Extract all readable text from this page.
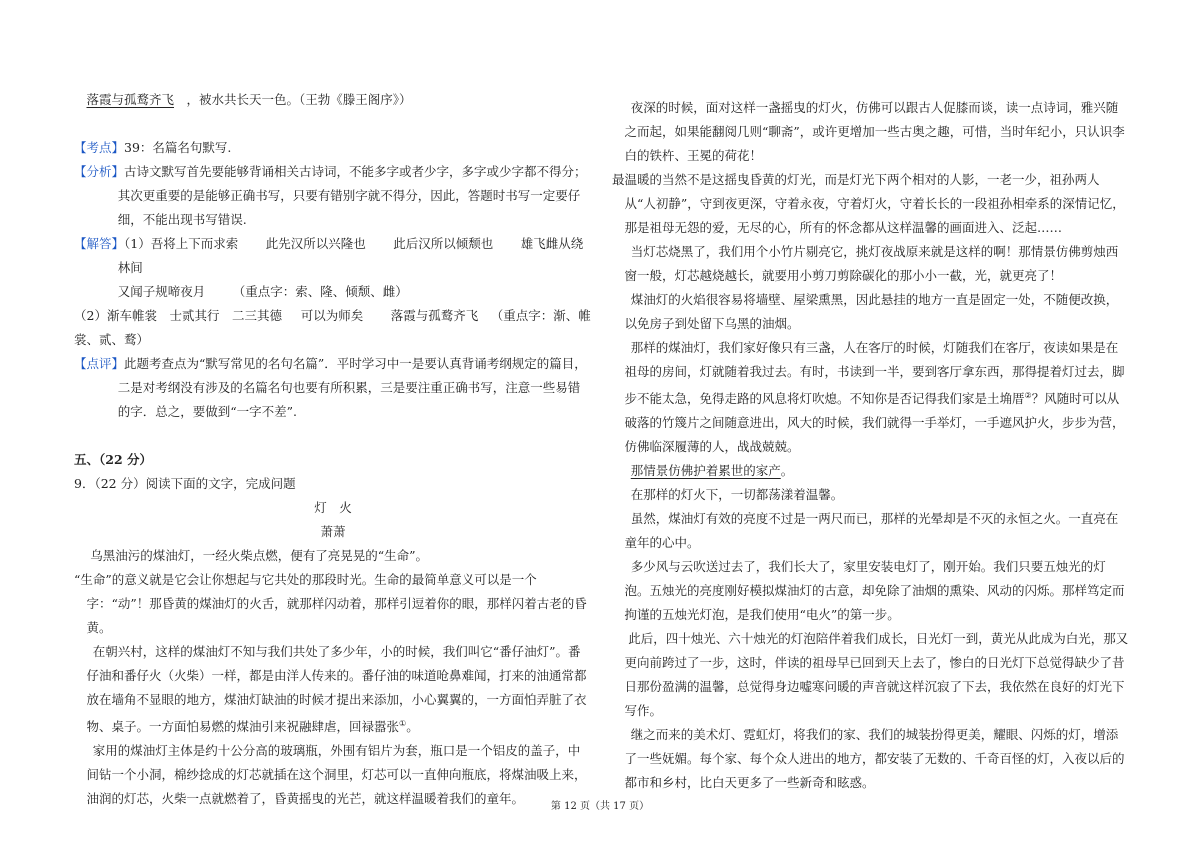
落霞与孤鹜齐飞 ，被水共长天一色。（王勃《滕王阁序》）

【考点】39：名篇名句默写.

【分析】古诗文默写首先要能够背诵相关古诗词，不能多字或者少字，多字或少字都不得分；其次更重要的是能够正确书写，只要有错别字就不得分，因此，答题时书写一定要仔细，不能出现书写错误.

【解答】（1）吾将上下而求索 此先汉所以兴隆也 此后汉所以倾颓也 雄飞雌从绕林间
又闻子规啼夜月 （重点字：索、隆、倾颓、雌）

（2）渐车帷裳 士贰其行 二三其德 可以为师矣 落霞与孤鹜齐飞 （重点字：渐、帷裳、贰、鹜）

【点评】此题考查点为“默写常见的名句名篇”．平时学习中一是要认真背诵考纲规定的篇目，二是对考纲没有涉及的名篇名句也要有所积累，三是要注重正确书写，注意一些易错的字．总之，要做到“一字不差”.

五、（22 分）

9．（22 分）阅读下面的文字，完成问题

灯　火

萧萧

乌黑油污的煤油灯，一经火柴点燃，便有了亮晃晃的“生命”。

“生命”的意义就是它会让你想起与它共处的那段时光。生命的最简单意义可以是一个字：“动”！那昏黄的煤油灯的火舌，就那样闪动着，那样引逗着你的眼，那样闪着古老的昏黄。

在朝兴村，这样的煤油灯不知与我们共处了多少年，小的时候，我们叫它“番仔油灯”。番仔油和番仔火（火柴）一样，都是由洋人传来的。番仔油的味道呛鼻难闻，打来的油通常都放在墙角不显眼的地方，煤油灯缺油的时候才提出来添加，小心翼翼的，一方面怕弄脏了衣物、桌子。一方面怕易燃的煤油引来祝融肆虐，回禄嚣张①。

家用的煤油灯主体是约十公分高的玻璃瓶，外围有铝片为套，瓶口是一个铝皮的盖子，中间钻一个小洞，棉纱捻成的灯芯就插在这个洞里，灯芯可以一直伸向瓶底，将煤油吸上来，油润的灯芯，火柴一点就燃着了，昏黄摇曳的光芒，就这样温暖着我们的童年。

夜深的时候，面对这样一盏摇曳的灯火，仿佛可以跟古人促膝而谈，读一点诗词，雅兴随之而起，如果能翻阅几则“聊斋”，或许更增加一些古奥之趣，可惜，当时年纪小，只认识李白的铁杵、王冕的荷花！

最温暖的当然不是这摇曳昏黄的灯光，而是灯光下两个相对的人影，一老一少，祖孙两人从“人初静”，守到夜更深，守着永夜，守着灯火，守着长长的一段祖孙相牵系的深情记忆，那是祖母无怨的爱，无尽的心，所有的怀念都从这样温馨的画面进入、泛起……

当灯芯烧黑了，我们用个小竹片剔亮它，挑灯夜战原来就是这样的啊！那情景仿佛剪烛西窗一般，灯芯越烧越长，就要用小剪刀剪除碳化的那小小一截，光，就更亮了！

煤油灯的火焰很容易将墙壁、屋梁熏黑，因此悬挂的地方一直是固定一处，不随便改换，以免房子到处留下乌黑的油烟。

那样的煤油灯，我们家好像只有三盏，人在客厅的时候，灯随我们在客厅，夜读如果是在祖母的房间，灯就随着我过去。有时，书读到一半，要到客厅拿东西，那得提着灯过去，脚步不能太急，免得走路的风息将灯吹熄。不知你是否记得我们家是土埆厝②？风随时可以从破落的竹篾片之间随意进出，风大的时候，我们就得一手举灯，一手遮风护火，步步为营，仿佛临深履薄的人，战战兢兢。

那情景仿佛护着累世的家产。

在那样的灯火下，一切都荡漾着温馨。

虽然，煤油灯有效的亮度不过是一两尺而已，那样的光晕却是不灭的永恒之火。一直亮在童年的心中。

多少风与云吹送过去了，我们长大了，家里安装电灯了，刚开始。我们只要五烛光的灯泡。五烛光的亮度刚好模拟煤油灯的古意，却免除了油烟的熏染、风动的闪烁。那样笃定而拘谨的五烛光灯泡，是我们使用“电火”的第一步。

此后，四十烛光、六十烛光的灯泡陪伴着我们成长，日光灯一到，黄光从此成为白光，那又更向前跨过了一步，这时，伴读的祖母早已回到天上去了，惨白的日光灯下总觉得缺少了昔日那份盈满的温馨，总觉得身边嘘寒问暖的声音就这样沉寂了下去，我依然在良好的灯光下写作。

继之而来的美术灯、霓虹灯，将我们的家、我们的城装扮得更美，耀眼、闪烁的灯，增添了一些妩媚。每个家、每个众人进出的地方，都安装了无数的、千奇百怪的灯，入夜以后的都市和乡村，比白天更多了一些新奇和眩惑。

第 12 页（共 17 页）
